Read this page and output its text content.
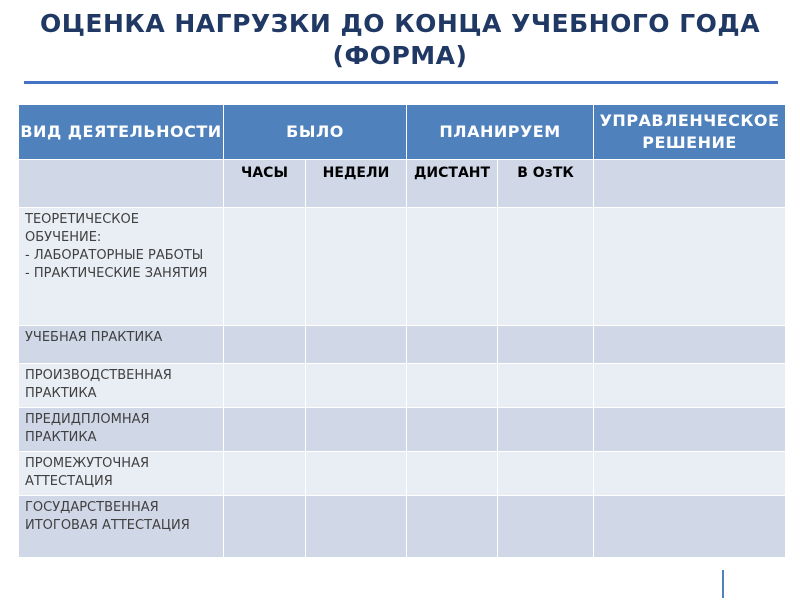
ОЦЕНКА НАГРУЗКИ ДО КОНЦА УЧЕБНОГО ГОДА
(ФОРМА)
ВИД ДЕЯТЕЛЬНОСТИ	БЫЛО		ПЛАНИРУЕМ		УПРАВЛЕНЧЕСКОЕ РЕШЕНИЕ
	ЧАСЫ	НЕДЕЛИ	ДИСТАНТ	В ОзТК	
ТЕОРЕТИЧЕСКОЕ ОБУЧЕНИЕ:
- ЛАБОРАТОРНЫЕ РАБОТЫ
- ПРАКТИЧЕСКИЕ ЗАНЯТИЯ					
УЧЕБНАЯ ПРАКТИКА					
ПРОИЗВОДСТВЕННАЯ ПРАКТИКА					
ПРЕДИДПЛОМНАЯ ПРАКТИКА					
ПРОМЕЖУТОЧНАЯ АТТЕСТАЦИЯ					
ГОСУДАРСТВЕННАЯ ИТОГОВАЯ АТТЕСТАЦИЯ					
